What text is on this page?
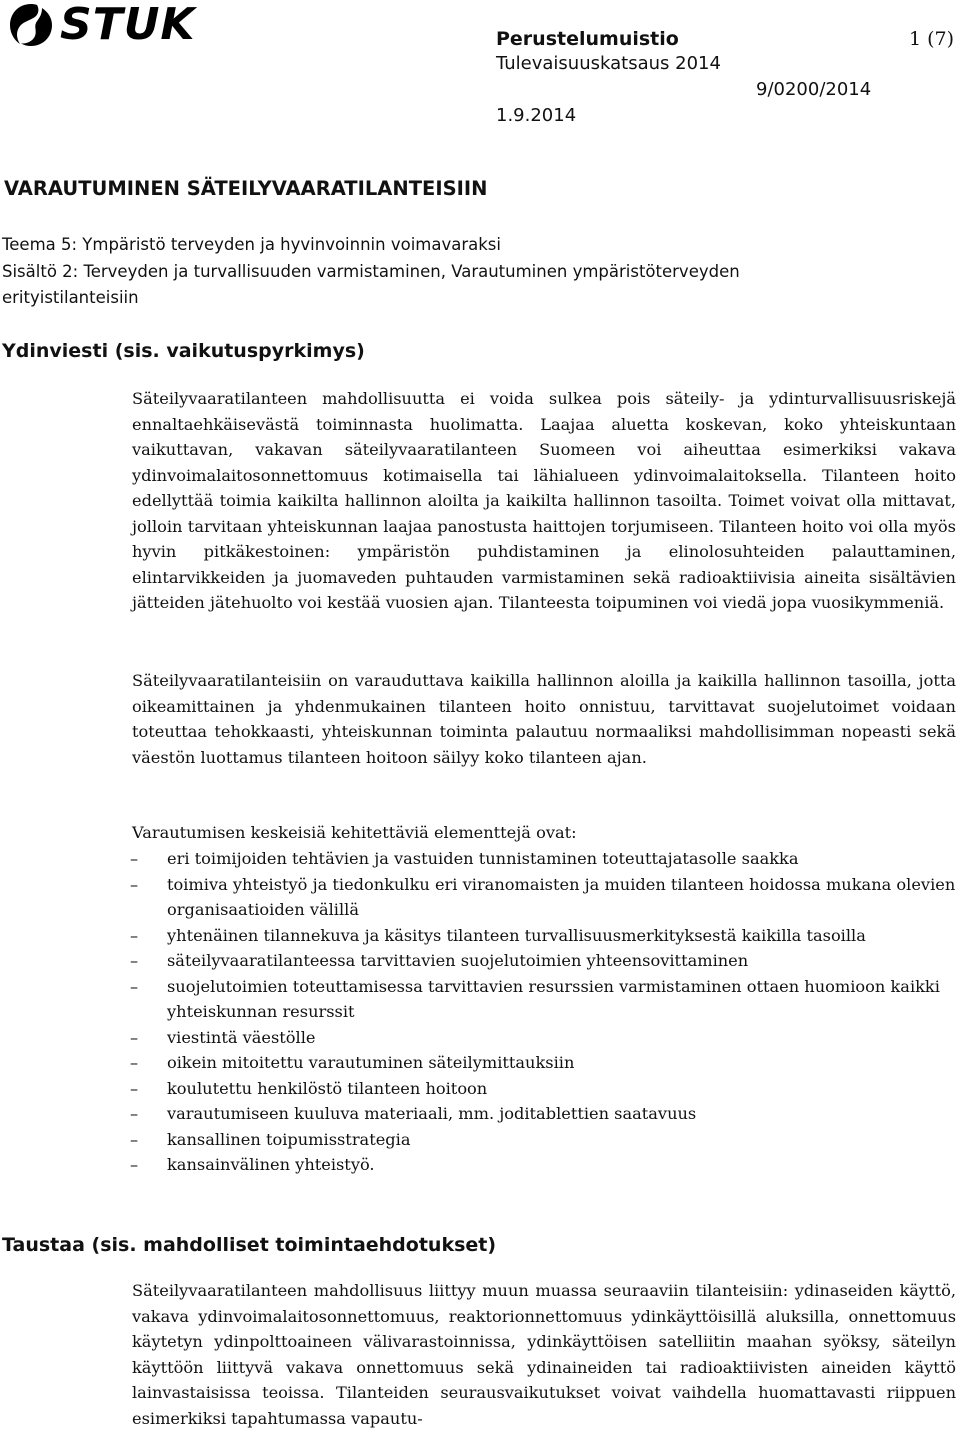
STUK	Perustelumuistio	1 (7)
Tulevaisuuskatsaus 2014
9/0200/2014
1.9.2014
VARAUTUMINEN SÄTEILYVAARATILANTEISIIN
Teema 5: Ympäristö terveyden ja hyvinvoinnin voimavaraksi
Sisältö 2: Terveyden ja turvallisuuden varmistaminen, Varautuminen ympäristöterveyden
erityistilanteisiin
Ydinviesti (sis. vaikutuspyrkimys)
Säteilyvaaratilanteen mahdollisuutta ei voida sulkea pois säteily- ja ydinturvallisuusriskejä ennaltaehkäisevästä toiminnasta huolimatta. Laajaa aluetta koskevan, koko yhteiskuntaan vaikuttavan, vakavan säteilyvaaratilanteen Suomeen voi aiheuttaa esimerkiksi vakava ydinvoimalaitosonnettomuus kotimaisella tai lähialueen ydinvoimalaitoksella. Tilanteen hoito edellyttää toimia kaikilta hallinnon aloilta ja kaikilta hallinnon tasoilta. Toimet voivat olla mittavat, jolloin tarvitaan yhteiskunnan laajaa panostusta haittojen torjumiseen. Tilanteen hoito voi olla myös hyvin pitkäkestoinen: ympäristön puhdistaminen ja elinolosuhteiden palauttaminen, elintarvikkeiden ja juomaveden puhtauden varmistaminen sekä radioaktiivisia aineita sisältävien jätteiden jätehuolto voi kestää vuosien ajan. Tilanteesta toipuminen voi viedä jopa vuosikymmeniä.
Säteilyvaaratilanteisiin on varauduttava kaikilla hallinnon aloilla ja kaikilla hallinnon tasoilla, jotta oikeamittainen ja yhdenmukainen tilanteen hoito onnistuu, tarvittavat suojelutoimet voidaan toteuttaa tehokkaasti, yhteiskunnan toiminta palautuu normaaliksi mahdollisimman nopeasti sekä väestön luottamus tilanteen hoitoon säilyy koko tilanteen ajan.
Varautumisen keskeisiä kehitettäviä elementtejä ovat:
– eri toimijoiden tehtävien ja vastuiden tunnistaminen toteuttajatasolle saakka
– toimiva yhteistyö ja tiedonkulku eri viranomaisten ja muiden tilanteen hoidossa mukana olevien organisaatioiden välillä
– yhtenäinen tilannekuva ja käsitys tilanteen turvallisuusmerkityksestä kaikilla tasoilla
– säteilyvaaratilanteessa tarvittavien suojelutoimien yhteensovittaminen
– suojelutoimien toteuttamisessa tarvittavien resurssien varmistaminen ottaen huomioon kaikki yhteiskunnan resurssit
– viestintä väestölle
– oikein mitoitettu varautuminen säteilymittauksiin
– koulutettu henkilöstö tilanteen hoitoon
– varautumiseen kuuluva materiaali, mm. joditablettien saatavuus
– kansallinen toipumisstrategia
– kansainvälinen yhteistyö.
Taustaa (sis. mahdolliset toimintaehdotukset)
Säteilyvaaratilanteen mahdollisuus liittyy muun muassa seuraaviin tilanteisiin: ydinaseiden käyttö, vakava ydinvoimalaitosonnettomuus, reaktorionnettomuus ydinkäyttöisillä aluksilla, onnettomuus käytetyn ydinpolttoaineen välivarastoinnissa, ydinkäyttöisen satelliitin maahan syöksy, säteilyn käyttöön liittyvä vakava onnettomuus sekä ydinaineiden tai radioaktiivisten aineiden käyttö lainvastaisissa teoissa. Tilanteiden seurausvaikutukset voivat vaihdella huomattavasti riippuen esimerkiksi tapahtumassa vapautu-
